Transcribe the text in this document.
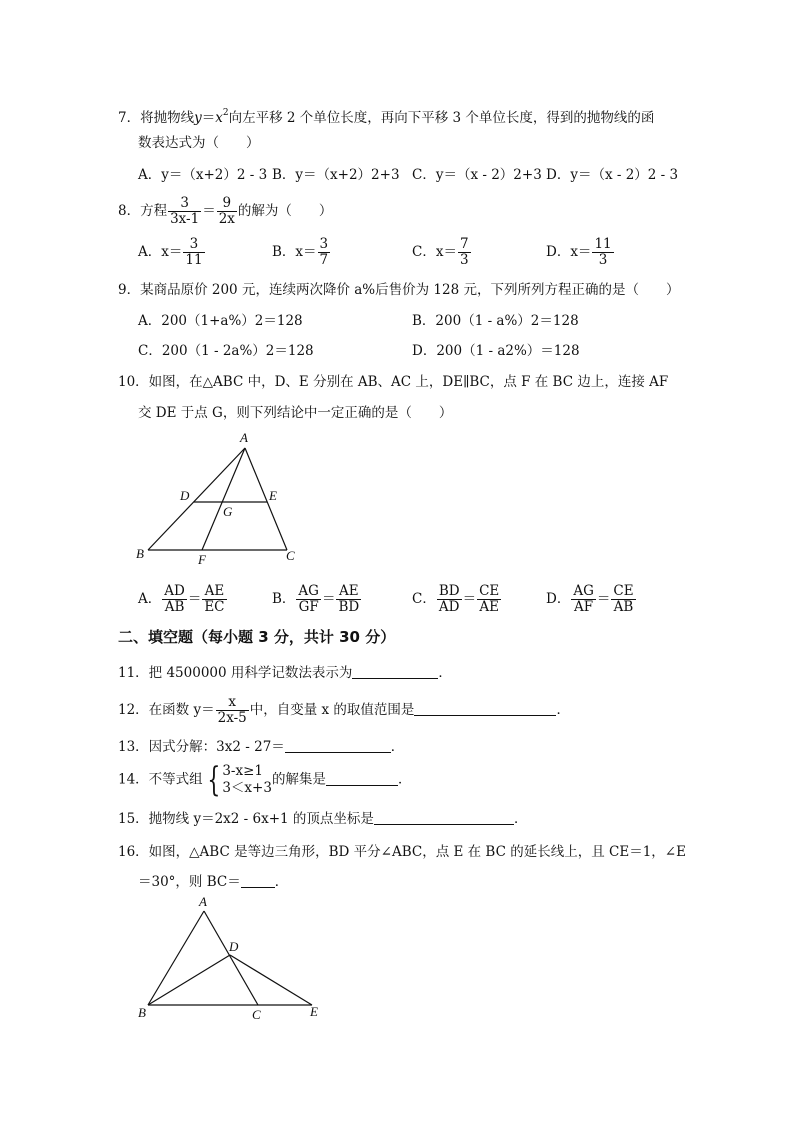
7．将抛物线$y=x^2$向左平移 2 个单位长度，再向下平移 3 个单位长度，得到的抛物线的函
数表达式为（　　）
A．y＝（x+2）2 - 3 B．y＝（x+2）2+3 C．y＝（x - 2）2+3 D．y＝（x - 2）2 - 3
8．方程 $\frac{3}{3x-1} = \frac{9}{2x}$ 的解为（　　）
A．$x= \frac{3}{11}$	B．$x= \frac{3}{7}$	C．$x= \frac{7}{3}$	D．$x= \frac{11}{3}$
9．某商品原价 200 元，连续两次降价 a%后售价为 128 元，下列所列方程正确的是（　　）
A．200（1+a%）2＝128	B．200（1 - a%）2＝128
C．200（1 - 2a%）2＝128	D．200（1 - a2%）＝128
10．如图，在△ABC 中，D、E 分别在 AB、AC 上，DE∥BC，点 F 在 BC 边上，连接 AF
交 DE 于点 G，则下列结论中一定正确的是（　　）
A
B	C
D	E
F
G
A． $\frac{AD}{AB} = \frac{AE}{EC}$	B． $\frac{AG}{GF} = \frac{AE}{BD}$	C． $\frac{BD}{AD} = \frac{CE}{AE}$	D． $\frac{AG}{AF} = \frac{CE}{AB}$
二、填空题（每小题 3 分，共计 30 分）
11．把 4500000 用科学记数法表示为	．
12．在函数 $y= \frac{x}{2x-5}$ 中，自变量 x 的取值范围是	．
13．因式分解：3x2 - 27＝	．
14．不等式组 { 3-x≥1
3＜x+3
的解集是	．
15．抛物线 y＝2x2 - 6x+1 的顶点坐标是	．
16．如图，△ABC 是等边三角形，BD 平分∠ABC，点 E 在 BC 的延长线上，且 CE＝1，∠E
＝30°，则 BC＝	．
A
B	C
D
E
